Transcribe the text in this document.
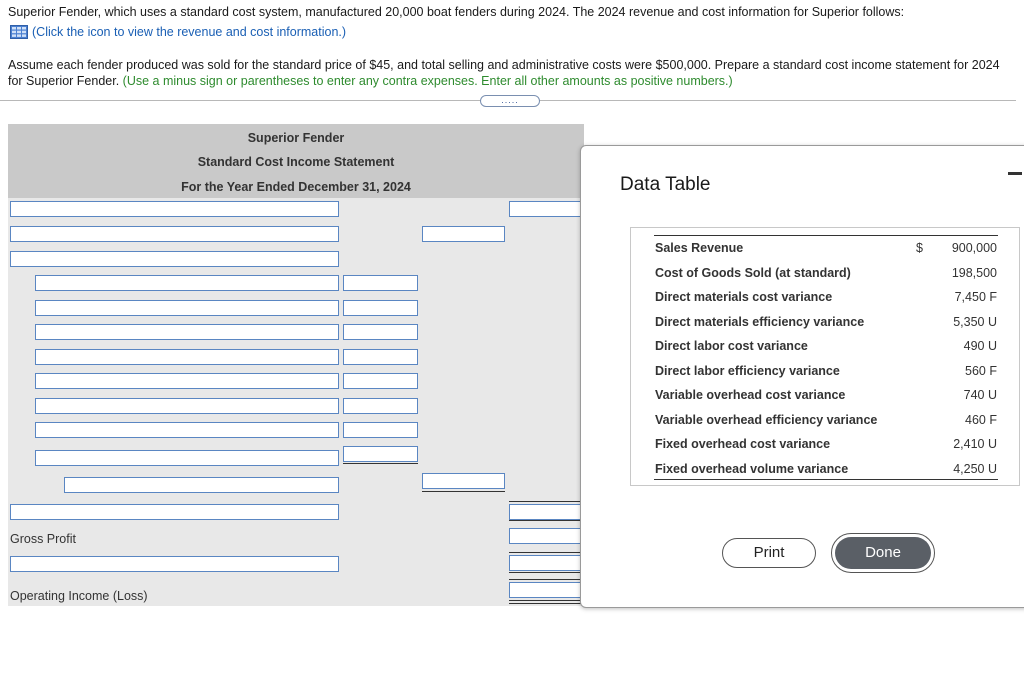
Superior Fender, which uses a standard cost system, manufactured 20,000 boat fenders during 2024. The 2024 revenue and cost information for Superior follows:
(Click the icon to view the revenue and cost information.)
Assume each fender produced was sold for the standard price of $45, and total selling and administrative costs were $500,000. Prepare a standard cost income statement for 2024 for Superior Fender. (Use a minus sign or parentheses to enter any contra expenses. Enter all other amounts as positive numbers.)
.....
Superior Fender
Standard Cost Income Statement
For the Year Ended December 31, 2024
Gross Profit
Operating Income (Loss)
Data Table
$
Sales Revenue	900,000
Cost of Goods Sold (at standard)	198,500
Direct materials cost variance	7,450 F
Direct materials efficiency variance	5,350 U
Direct labor cost variance	490 U
Direct labor efficiency variance	560 F
Variable overhead cost variance	740 U
Variable overhead efficiency variance	460 F
Fixed overhead cost variance	2,410 U
Fixed overhead volume variance	4,250 U
Print	Done
